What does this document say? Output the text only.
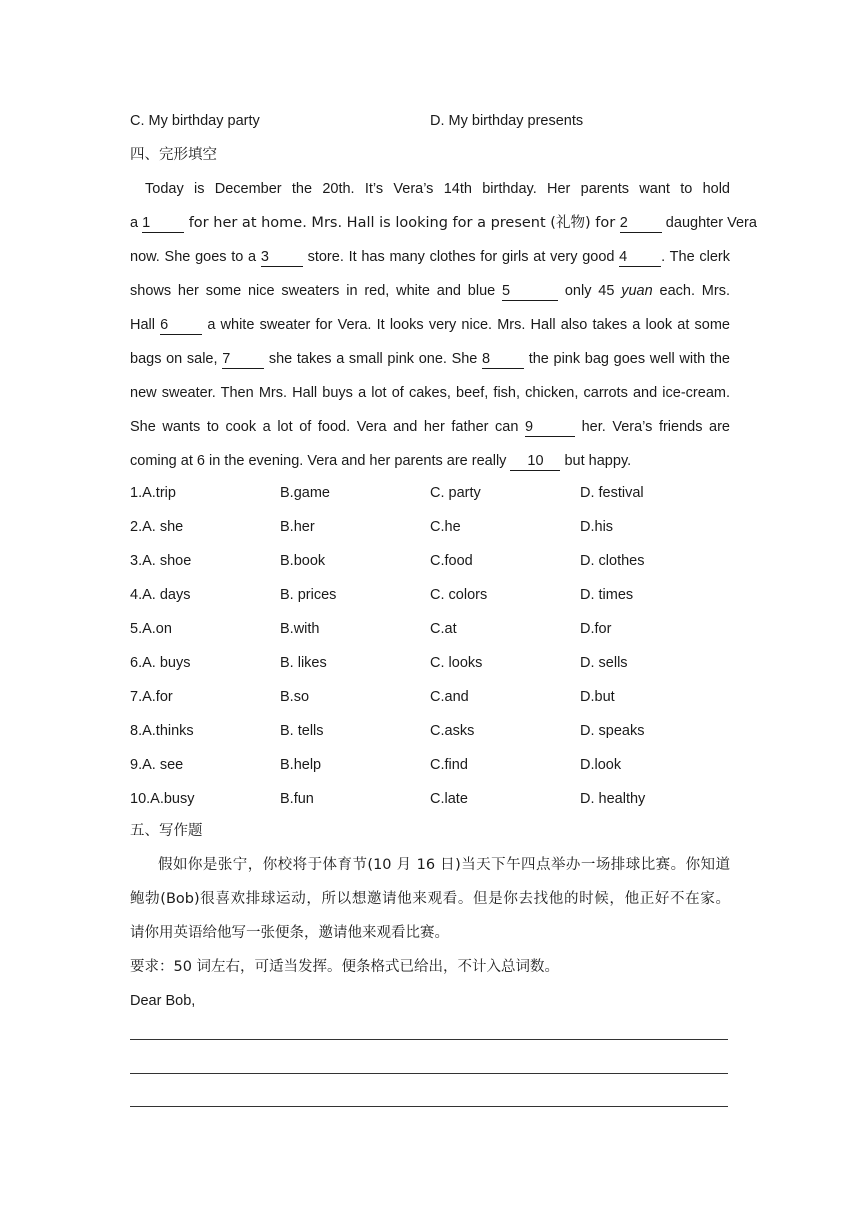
C. My birthday party	D. My birthday presents
四、完形填空
Today is December the 20th. It’s Vera’s 14th birthday. Her parents want to hold
a 1 for her at home. Mrs. Hall is looking for a present (礼物) for 2 daughter Vera
now. She goes to a 3 store. It has many clothes for girls at very good 4 . The clerk
shows her some nice sweaters in red, white and blue 5	only 45 yuan each. Mrs.
Hall 6 a white sweater for Vera. It looks very nice. Mrs. Hall also takes a look at some
bags on sale, 7 she takes a small pink one. She 8 the pink bag goes well with the
new sweater. Then Mrs. Hall buys a lot of cakes, beef, fish, chicken, carrots and ice-cream.
She wants to cook a lot of food. Vera and her father can 9	her. Vera’s friends are
coming at 6 in the evening. Vera and her parents are really 10 but happy.
1.A.trip	B.game	C. party	D. festival
2.A. she	B.her	C.he	D.his
3.A. shoe	B.book	C.food	D. clothes
4.A. days	B. prices	C. colors	D. times
5.A.on	B.with	C.at	D.for
6.A. buys	B. likes	C. looks	D. sells
7.A.for	B.so	C.and	D.but
8.A.thinks	B. tells	C.asks	D. speaks
9.A. see	B.help	C.find	D.look
10.A.busy	B.fun	C.late	D. healthy
五、写作题
假如你是张宁，你校将于体育节(10 月 16 日)当天下午四点举办一场排球比赛。你知道
鲍勃(Bob)很喜欢排球运动，所以想邀请他来观看。但是你去找他的时候，他正好不在家。
请你用英语给他写一张便条，邀请他来观看比赛。
要求：50 词左右，可适当发挥。便条格式已给出，不计入总词数。
Dear Bob,
